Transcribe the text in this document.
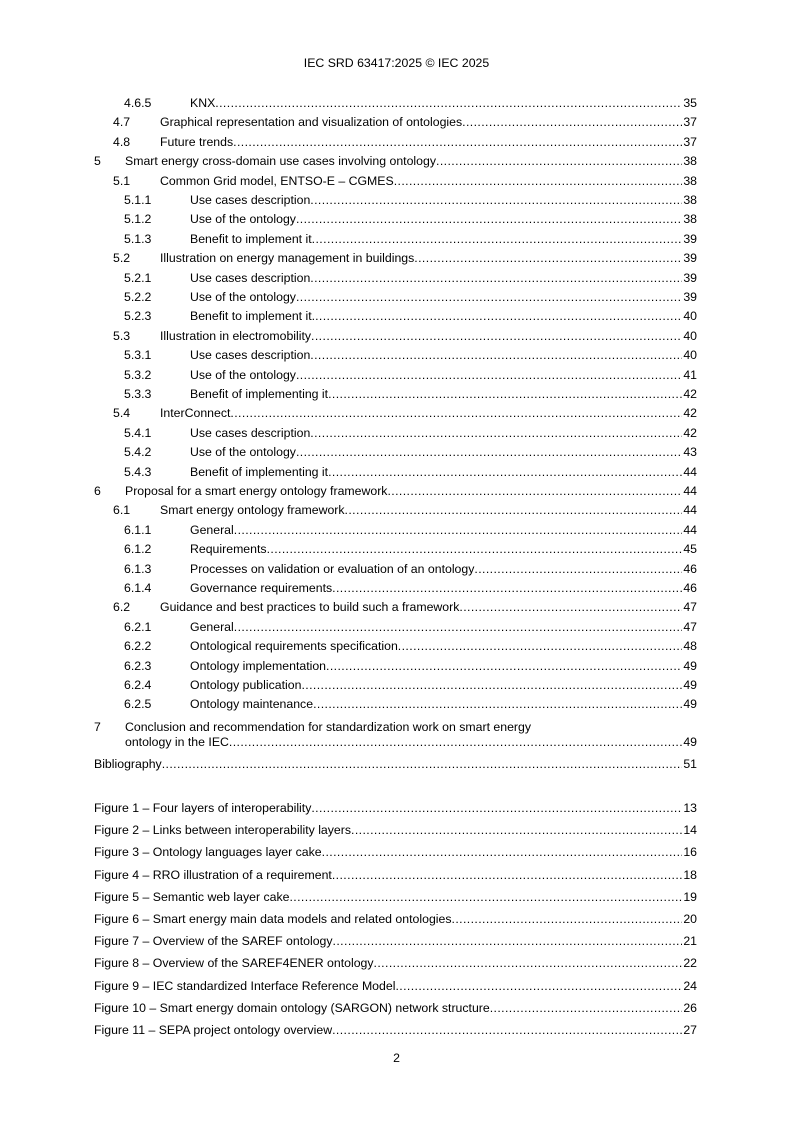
IEC SRD 63417:2025 © IEC 2025
4.6.5	KNX .....	35
4.7 Graphical representation and visualization of ontologies .....	37
4.8 Future trends .....	37
5 Smart energy cross-domain use cases involving ontology .....	38
5.1 Common Grid model, ENTSO-E – CGMES .....	38
5.1.1	Use cases description .....	38
5.1.2	Use of the ontology .....	38
5.1.3	Benefit to implement it .....	39
5.2 Illustration on energy management in buildings .....	39
5.2.1	Use cases description .....	39
5.2.2	Use of the ontology .....	39
5.2.3	Benefit to implement it. .....	40
5.3 Illustration in electromobility .....	40
5.3.1	Use cases description .....	40
5.3.2	Use of the ontology .....	41
5.3.3	Benefit of implementing it .....	42
5.4 InterConnect .....	42
5.4.1	Use cases description .....	42
5.4.2	Use of the ontology .....	43
5.4.3	Benefit of implementing it .....	44
6 Proposal for a smart energy ontology framework .....	44
6.1 Smart energy ontology framework .....	44
6.1.1	General .....	44
6.1.2	Requirements .....	45
6.1.3	Processes on validation or evaluation of an ontology .....	46
6.1.4	Governance requirements .....	46
6.2 Guidance and best practices to build such a framework .....	47
6.2.1	General .....	47
6.2.2	Ontological requirements specification .....	48
6.2.3	Ontology implementation .....	49
6.2.4	Ontology publication .....	49
6.2.5	Ontology maintenance .....	49
7 Conclusion and recommendation for standardization work on smart energy
ontology in the IEC .....	49
Bibliography .....	51
Figure 1 – Four layers of interoperability .....	13
Figure 2 – Links between interoperability layers .....	14
Figure 3 – Ontology languages layer cake .....	16
Figure 4 – RRO illustration of a requirement .....	18
Figure 5 – Semantic web layer cake .....	19
Figure 6 – Smart energy main data models and related ontologies .....	20
Figure 7 – Overview of the SAREF ontology .....	21
Figure 8 – Overview of the SAREF4ENER ontology .....	22
Figure 9 – IEC standardized Interface Reference Model .....	24
Figure 10 – Smart energy domain ontology (SARGON) network structure .....	26
Figure 11 – SEPA project ontology overview .....	27
2
